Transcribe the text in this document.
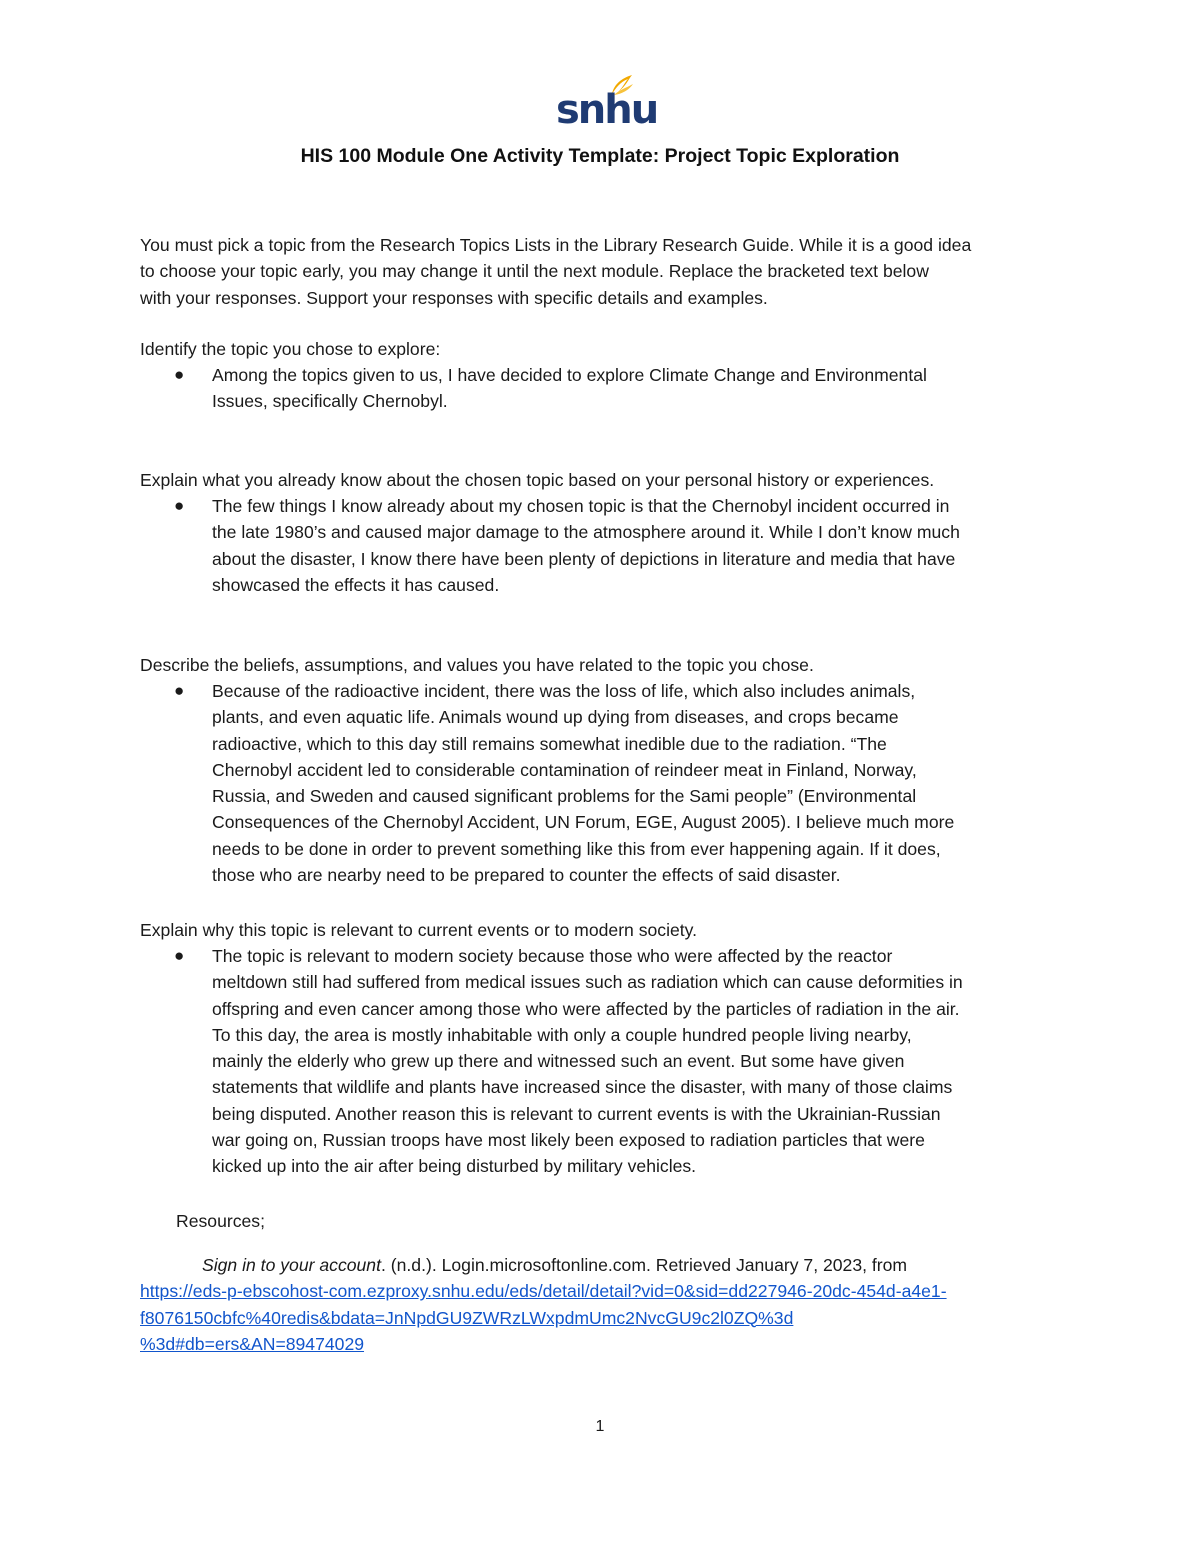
snhu
HIS 100 Module One Activity Template: Project Topic Exploration
You must pick a topic from the Research Topics Lists in the Library Research Guide. While it is a good idea
to choose your topic early, you may change it until the next module. Replace the bracketed text below
with your responses. Support your responses with specific details and examples.
Identify the topic you chose to explore:
● Among the topics given to us, I have decided to explore Climate Change and Environmental
Issues, specifically Chernobyl.
Explain what you already know about the chosen topic based on your personal history or experiences.
● The few things I know already about my chosen topic is that the Chernobyl incident occurred in
the late 1980’s and caused major damage to the atmosphere around it. While I don’t know much
about the disaster, I know there have been plenty of depictions in literature and media that have
showcased the effects it has caused.
Describe the beliefs, assumptions, and values you have related to the topic you chose.
● Because of the radioactive incident, there was the loss of life, which also includes animals,
plants, and even aquatic life. Animals wound up dying from diseases, and crops became
radioactive, which to this day still remains somewhat inedible due to the radiation. “The
Chernobyl accident led to considerable contamination of reindeer meat in Finland, Norway,
Russia, and Sweden and caused significant problems for the Sami people” (Environmental
Consequences of the Chernobyl Accident, UN Forum, EGE, August 2005). I believe much more
needs to be done in order to prevent something like this from ever happening again. If it does,
those who are nearby need to be prepared to counter the effects of said disaster.
Explain why this topic is relevant to current events or to modern society.
● The topic is relevant to modern society because those who were affected by the reactor
meltdown still had suffered from medical issues such as radiation which can cause deformities in
offspring and even cancer among those who were affected by the particles of radiation in the air.
To this day, the area is mostly inhabitable with only a couple hundred people living nearby,
mainly the elderly who grew up there and witnessed such an event. But some have given
statements that wildlife and plants have increased since the disaster, with many of those claims
being disputed. Another reason this is relevant to current events is with the Ukrainian-Russian
war going on, Russian troops have most likely been exposed to radiation particles that were
kicked up into the air after being disturbed by military vehicles.
Resources;
Sign in to your account. (n.d.). Login.microsoftonline.com. Retrieved January 7, 2023, from
https://eds-p-ebscohost-com.ezproxy.snhu.edu/eds/detail/detail?vid=0&sid=dd227946-20dc-454d-a4e1-
f8076150cbfc%40redis&bdata=JnNpdGU9ZWRzLWxpdmUmc2NvcGU9c2l0ZQ%3d
%3d#db=ers&AN=89474029
1
